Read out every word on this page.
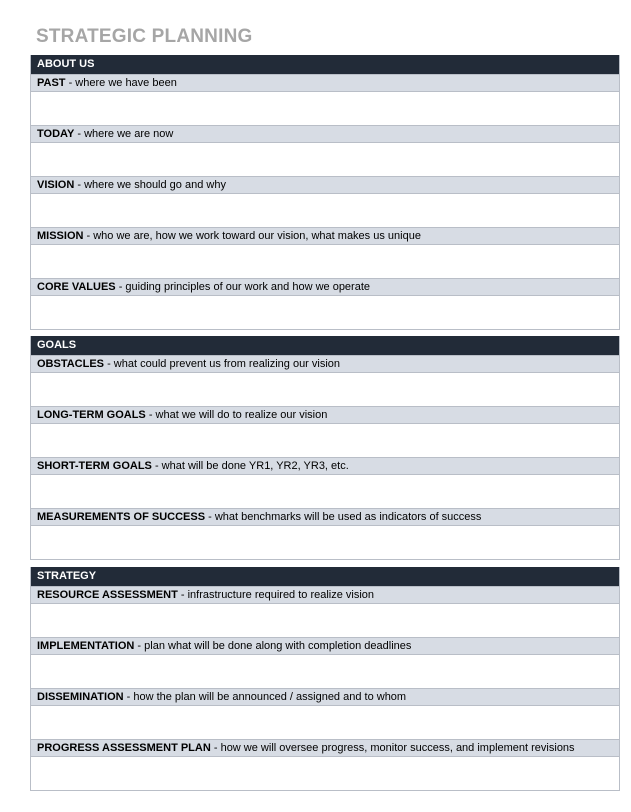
STRATEGIC PLANNING
ABOUT US
PAST - where we have been
TODAY - where we are now
VISION - where we should go and why
MISSION - who we are, how we work toward our vision, what makes us unique
CORE VALUES - guiding principles of our work and how we operate
GOALS
OBSTACLES - what could prevent us from realizing our vision
LONG-TERM GOALS - what we will do to realize our vision
SHORT-TERM GOALS - what will be done YR1, YR2, YR3, etc.
MEASUREMENTS OF SUCCESS - what benchmarks will be used as indicators of success
STRATEGY
RESOURCE ASSESSMENT - infrastructure required to realize vision
IMPLEMENTATION - plan what will be done along with completion deadlines
DISSEMINATION - how the plan will be announced / assigned and to whom
PROGRESS ASSESSMENT PLAN - how we will oversee progress, monitor success, and implement revisions
